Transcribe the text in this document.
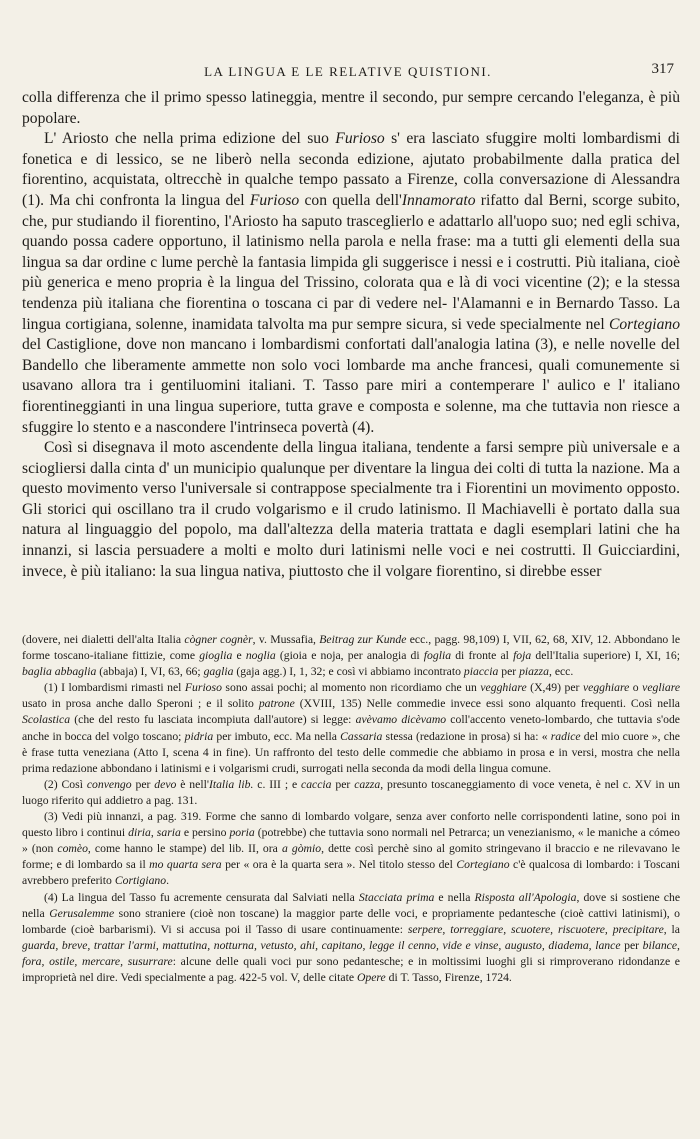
LA LINGUA E LE RELATIVE QUISTIONI.	317

colla differenza che il primo spesso latineggia, mentre il secondo, pur sempre cercando l'eleganza, è più popolare.

L' Ariosto che nella prima edizione del suo Furioso s' era lasciato sfuggire molti lombardismi di fonetica e di lessico, se ne liberò nella seconda edizione, ajutato probabilmente dalla pratica del fiorentino, acquistata, oltrecchè in qualche tempo passato a Firenze, colla conversazione di Alessandra (1). Ma chi confronta la lingua del Furioso con quella dell'Innamorato rifatto dal Berni, scorge subito, che, pur studiando il fiorentino, l'Ariosto ha saputo trasceglierlo e adattarlo all'uopo suo; ned egli schiva, quando possa cadere opportuno, il latinismo nella parola e nella frase: ma a tutti gli elementi della sua lingua sa dar ordine c lume perchè la fantasia limpida gli suggerisce i nessi e i costrutti. Più italiana, cioè più generica e meno propria è la lingua del Trissino, colorata qua e là di voci vicentine (2); e la stessa tendenza più italiana che fiorentina o toscana ci par di vedere nel- l'Alamanni e in Bernardo Tasso. La lingua cortigiana, solenne, inamidata talvolta ma pur sempre sicura, si vede specialmente nel Cortegiano del Castiglione, dove non mancano i lombardismi confortati dall'analogia latina (3), e nelle novelle del Bandello che liberamente ammette non solo voci lombarde ma anche francesi, quali comunemente si usavano allora tra i gentiluomini italiani. T. Tasso pare miri a contemperare l' aulico e l' italiano fiorentineggianti in una lingua superiore, tutta grave e composta e solenne, ma che tuttavia non riesce a sfuggire lo stento e a nascondere l'intrinseca povertà (4).

Così si disegnava il moto ascendente della lingua italiana, tendente a farsi sempre più universale e a sciogliersi dalla cinta d' un municipio qualunque per diventare la lingua dei colti di tutta la nazione. Ma a questo movimento verso l'universale si contrappose specialmente tra i Fiorentini un movimento opposto. Gli storici qui oscillano tra il crudo volgarismo e il crudo latinismo. Il Machiavelli è portato dalla sua natura al linguaggio del popolo, ma dall'altezza della materia trattata e dagli esemplari latini che ha innanzi, si lascia persuadere a molti e molto duri latinismi nelle voci e nei costrutti. Il Guicciardini, invece, è più italiano: la sua lingua nativa, piuttosto che il volgare fiorentino, si direbbe esser

(dovere, nei dialetti dell'alta Italia cògner cognèr, v. Mussafia, Beitrag zur Kunde ecc., pagg. 98,109) I, VII, 62, 68, XIV, 12. Abbondano le forme toscano-italiane fittizie, come gioglia e noglia (gioia e noja, per analogia di foglia di fronte al foja dell'Italia superiore) I, XI, 16; baglia abbaglia (abbaja) I, VI, 63, 66; gaglia (gaja agg.) I, 1, 32; e così vi abbiamo incontrato piaccia per piazza, ecc.

(1) I lombardismi rimasti nel Furioso sono assai pochi; al momento non ricordiamo che un vegghiare (X,49) per vegghiare o vegliare usato in prosa anche dallo Speroni ; e il solito patrone (XVIII, 135) Nelle commedie invece essi sono alquanto frequenti. Così nella Scolastica (che del resto fu lasciata incompiuta dall'autore) si legge: avèvamo dicèvamo coll'accento veneto-lombardo, che tuttavia s'ode anche in bocca del volgo toscano; pidria per imbuto, ecc. Ma nella Cassaria stessa (redazione in prosa) si ha: « radice del mio cuore », che è frase tutta veneziana (Atto I, scena 4 in fine). Un raffronto del testo delle commedie che abbiamo in prosa e in versi, mostra che nella prima redazione abbondano i latinismi e i volgarismi crudi, surrogati nella seconda da modi della lingua comune.

(2) Così convengo per devo è nell'Italia lib. c. III ; e caccia per cazza, presunto toscaneggiamento di voce veneta, è nel c. XV in un luogo riferito qui addietro a pag. 131.

(3) Vedi più innanzi, a pag. 319. Forme che sanno di lombardo volgare, senza aver conforto nelle corrispondenti latine, sono poi in questo libro i continui diria, saria e persino poria (potrebbe) che tuttavia sono normali nel Petrarca; un venezianismo, « le maniche a cómeo » (non comèo, come hanno le stampe) del lib. II, ora a gòmio, dette così perchè sino al gomito stringevano il braccio e ne rilevavano le forme; e di lombardo sa il mo quarta sera per « ora è la quarta sera ». Nel titolo stesso del Cortegiano c'è qualcosa di lombardo: i Toscani avrebbero preferito Cortigiano.

(4) La lingua del Tasso fu acremente censurata dal Salviati nella Stacciata prima e nella Risposta all'Apologia, dove si sostiene che nella Gerusalemme sono straniere (cioè non toscane) la maggior parte delle voci, e propriamente pedantesche (cioè cattivi latinismi), o lombarde (cioè barbarismi). Vi si accusa poi il Tasso di usare continuamente: serpere, torreggiare, scuotere, riscuotere, precipitare, la guarda, breve, trattar l'armi, mattutina, notturna, vetusto, ahi, capitano, legge il cenno, vide e vinse, augusto, diadema, lance per bilance, fora, ostile, mercare, susurrare: alcune delle quali voci pur sono pedantesche; e in moltissimi luoghi gli si rimproverano ridondanze e improprietà nel dire. Vedi specialmente a pag. 422-5 vol. V, delle citate Opere di T. Tasso, Firenze, 1724.
